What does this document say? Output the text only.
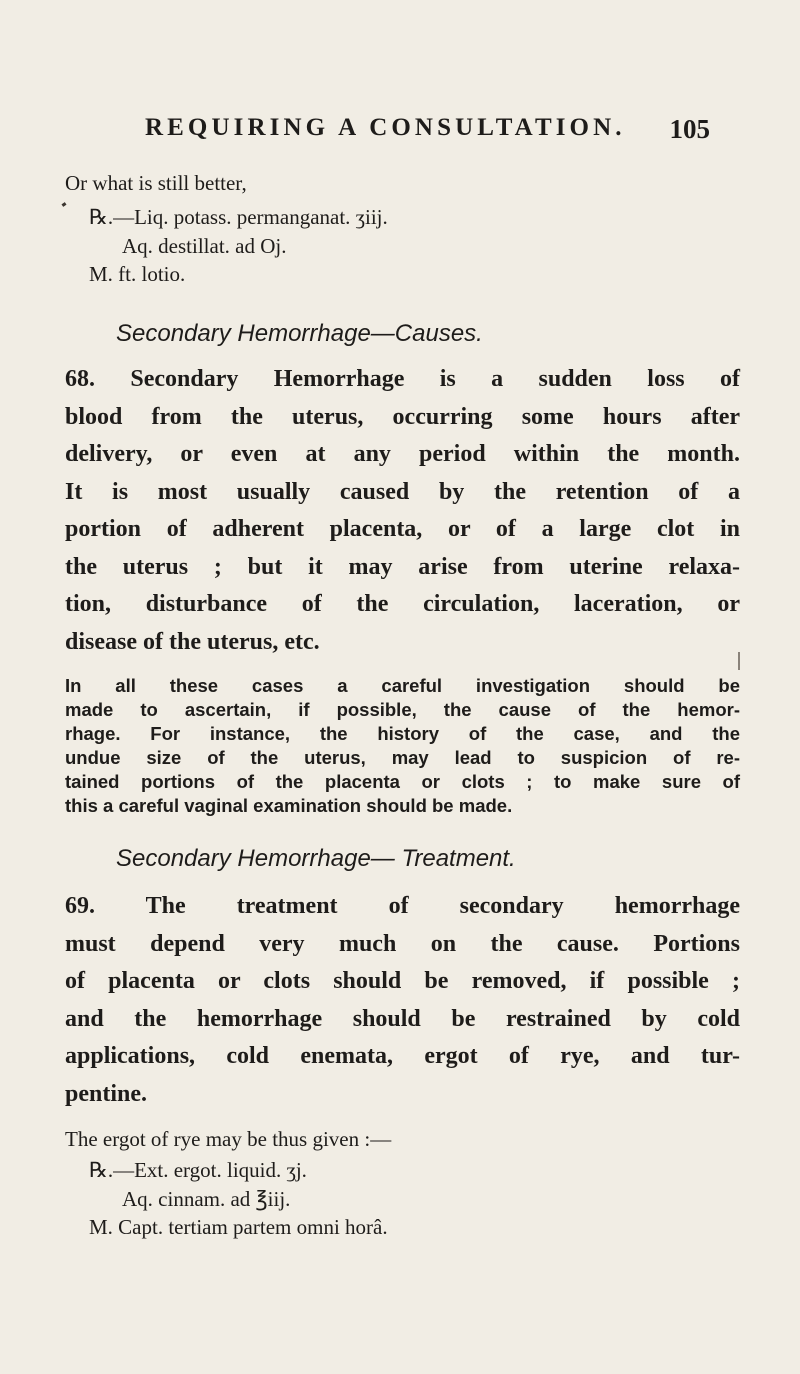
REQUIRING A CONSULTATION. 105
Or what is still better,
℞.—Liq. potass. permanganat. ʒiij.
Aq. destillat. ad Oj.
M. ft. lotio.
Secondary Hemorrhage—Causes.
68. Secondary Hemorrhage is a sudden loss of
blood from the uterus, occurring some hours after
delivery, or even at any period within the month.
It is most usually caused by the retention of a
portion of adherent placenta, or of a large clot in
the uterus ; but it may arise from uterine relaxa-
tion, disturbance of the circulation, laceration, or
disease of the uterus, etc.
In all these cases a careful investigation should be
made to ascertain, if possible, the cause of the hemor-
rhage. For instance, the history of the case, and the
undue size of the uterus, may lead to suspicion of re-
tained portions of the placenta or clots ; to make sure of
this a careful vaginal examination should be made.
Secondary Hemorrhage— Treatment.
69. The treatment of secondary hemorrhage
must depend very much on the cause. Portions
of placenta or clots should be removed, if possible ;
and the hemorrhage should be restrained by cold
applications, cold enemata, ergot of rye, and tur-
pentine.
The ergot of rye may be thus given :—
℞.—Ext. ergot. liquid. ʒj.
Aq. cinnam. ad ℥iij.
M. Capt. tertiam partem omni horâ.
